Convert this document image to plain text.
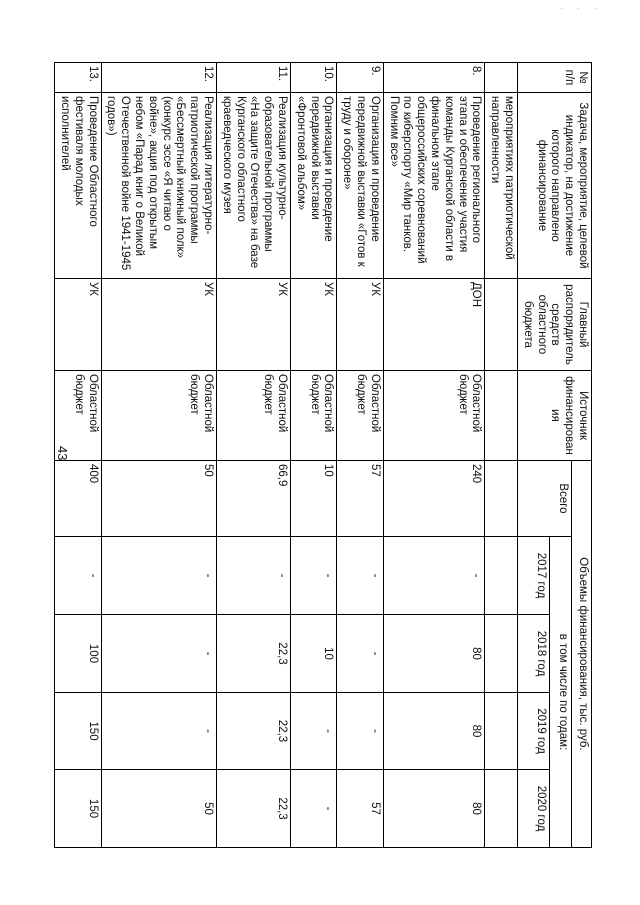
· · ·
43
№ п/п	Задача, мероприятие, целевой индикатор, на достижение которого направлено финансирование	Главный распорядитель средств областного бюджета	Источник финансирования	Объемы финансирования, тыс. руб.				
				Всего	в том числе по годам:			
					2017 год	2018 год	2019 год	2020 год
	мероприятиях патриотической направленности							
8.	Проведение регионального этапа и обеспечение участия команды Курганской области в финальном этапе общероссийских соревнований по киберспорту «Мир танков. Помним все»	ДОН	Областной бюджет	240	-	80	80	80
9.	Организация и проведение передвижной выставки «Готов к труду и обороне»	УК	Областной бюджет	57	-	-	-	57
10.	Организация и проведение передвижной выставки «Фронтовой альбом»	УК	Областной бюджет	10	-	10	-	-
11.	Реализация культурно-образовательной программы «На защите Отечества» на базе Курганского областного краеведческого музея	УК	Областной бюджет	66,9	-	22,3	22,3	22,3
12.	Реализация литературно-патриотической программы «Бессмертный книжный полк» (конкурс эссе «Я читаю о войне», акция под открытым небом «Парад книг о Великой Отечественной войне 1941-1945 годов»)	УК	Областной бюджет	50	-	-	-	50
13.	Проведение Областного фестиваля молодых исполнителей	УК	Областной бюджет	400	-	100	150	150
